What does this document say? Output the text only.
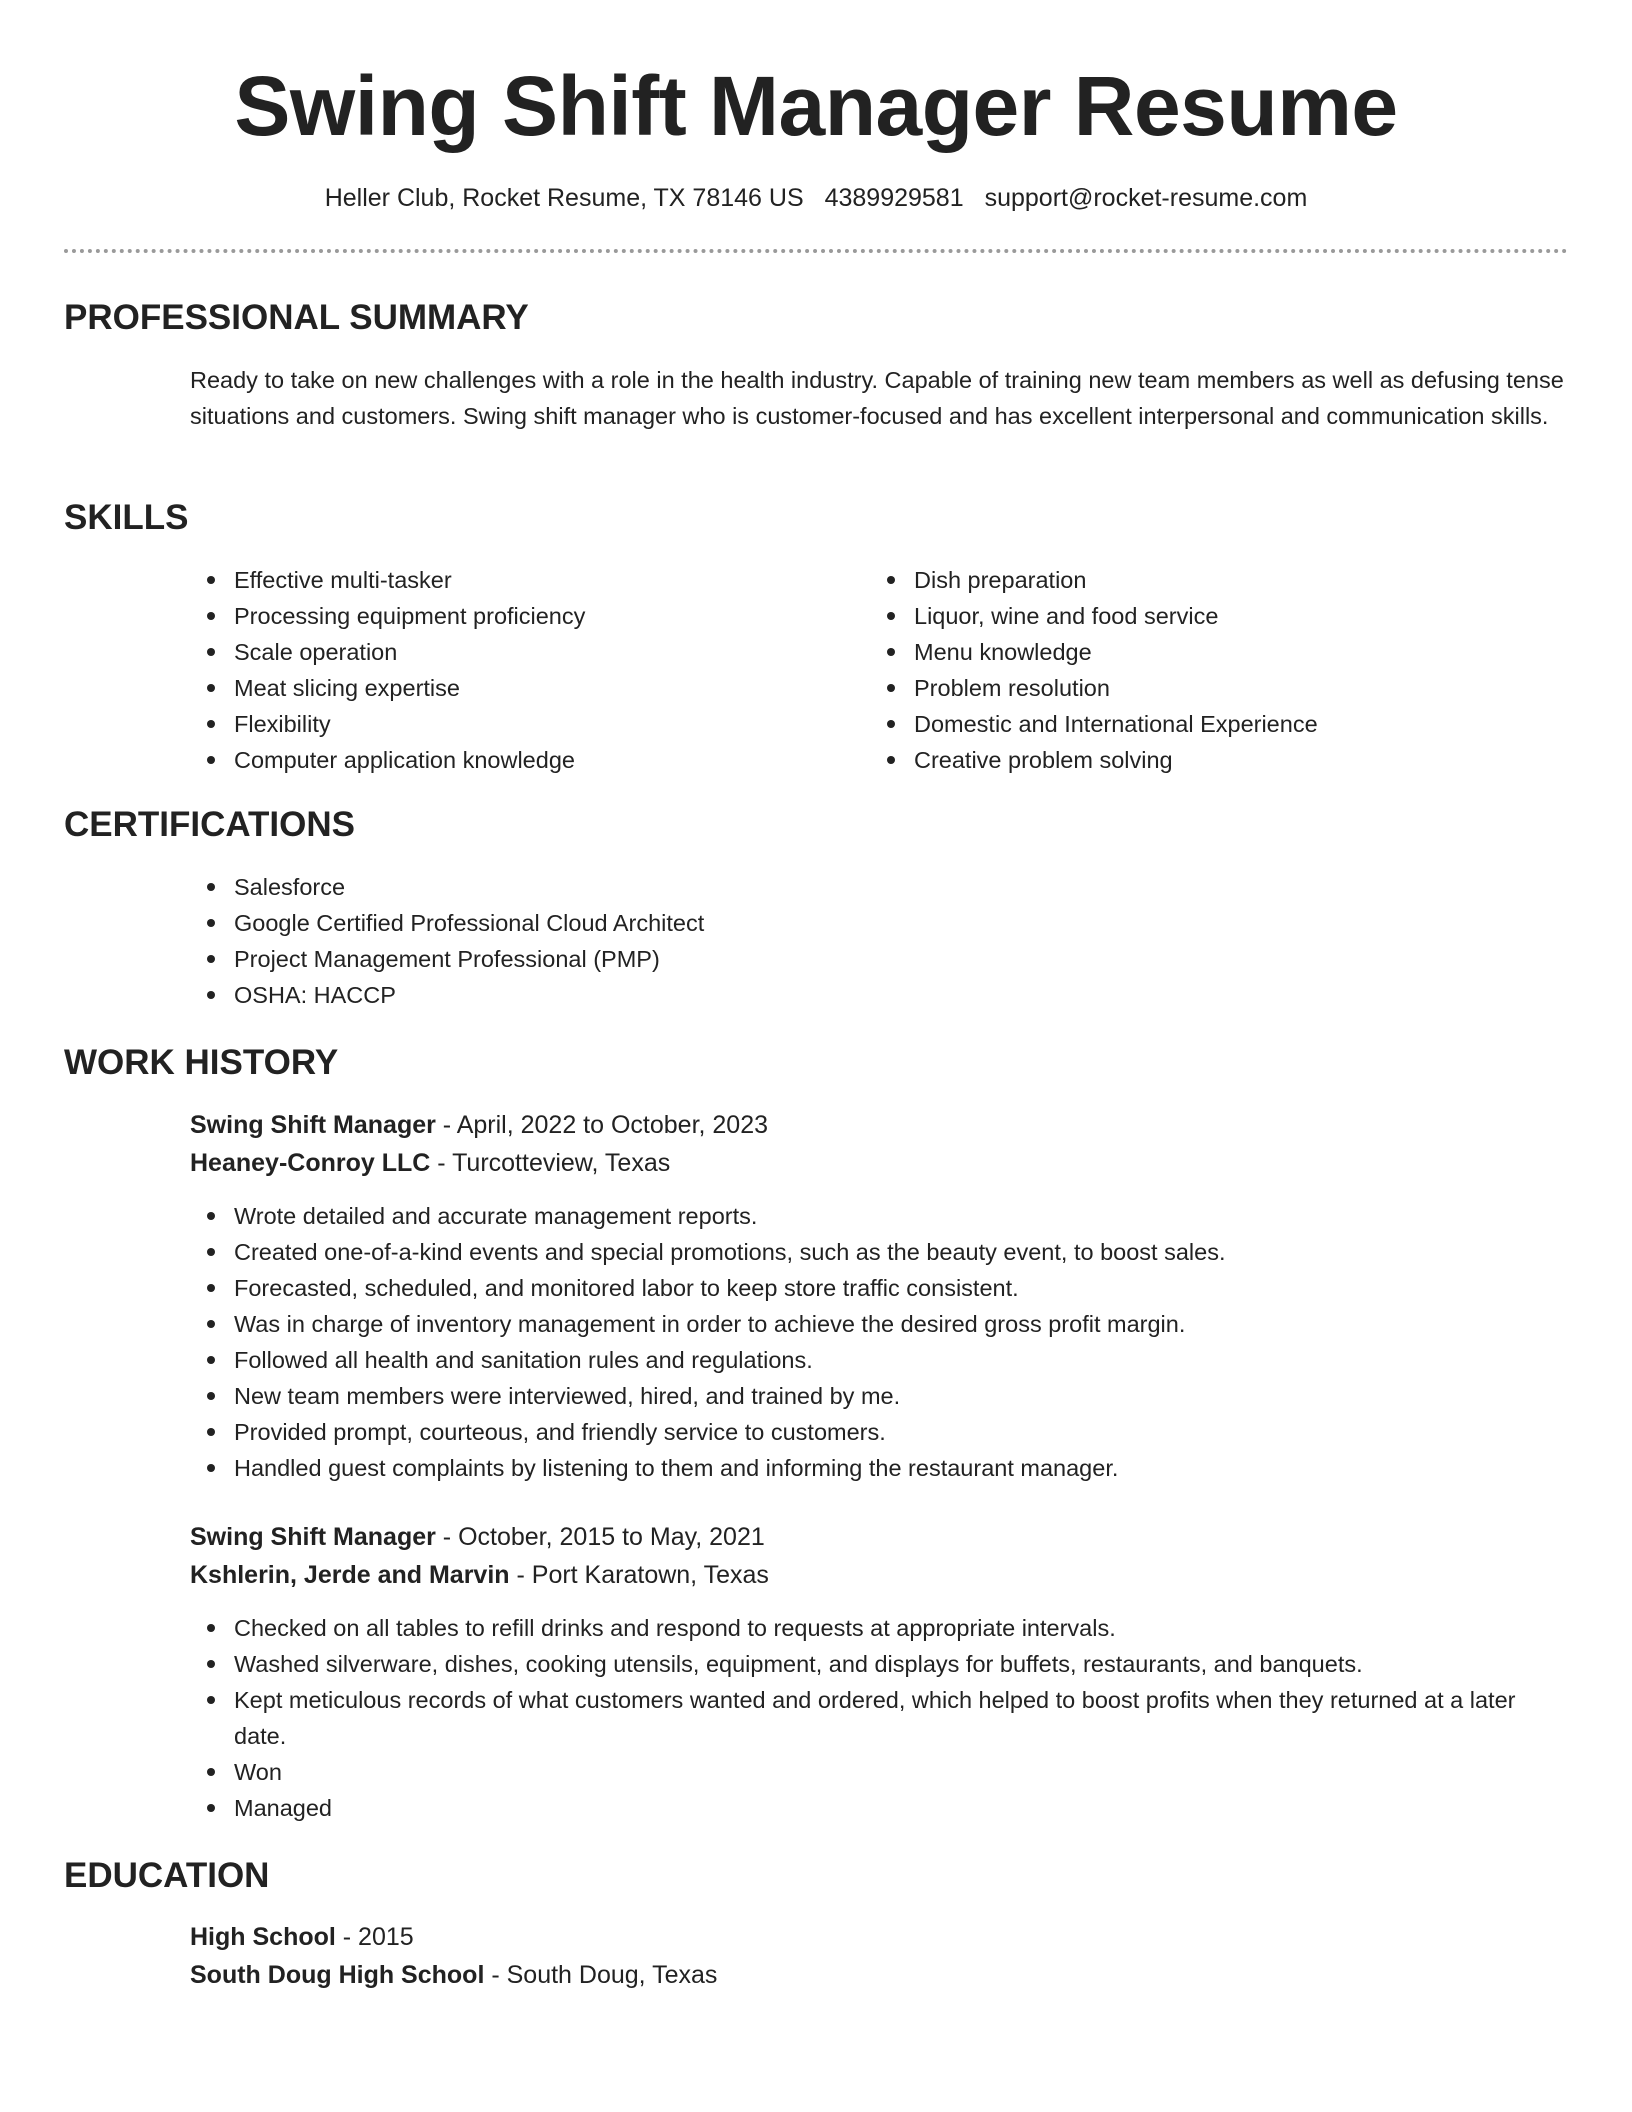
Swing Shift Manager Resume
Heller Club, Rocket Resume, TX 78146 US 4389929581 support@rocket-resume.com
PROFESSIONAL SUMMARY

Ready to take on new challenges with a role in the health industry. Capable of training new team members as well as defusing tense situations and customers. Swing shift manager who is customer-focused and has excellent interpersonal and communication skills.

SKILLS
Effective multi-tasker
Processing equipment proficiency
Scale operation
Meat slicing expertise
Flexibility
Computer application knowledge
Dish preparation
Liquor, wine and food service
Menu knowledge
Problem resolution
Domestic and International Experience
Creative problem solving
CERTIFICATIONS
Salesforce
Google Certified Professional Cloud Architect
Project Management Professional (PMP)
OSHA: HACCP
WORK HISTORY
Swing Shift Manager - April, 2022 to October, 2023
Heaney-Conroy LLC - Turcotteview, Texas
Wrote detailed and accurate management reports.
Created one-of-a-kind events and special promotions, such as the beauty event, to boost sales.
Forecasted, scheduled, and monitored labor to keep store traffic consistent.
Was in charge of inventory management in order to achieve the desired gross profit margin.
Followed all health and sanitation rules and regulations.
New team members were interviewed, hired, and trained by me.
Provided prompt, courteous, and friendly service to customers.
Handled guest complaints by listening to them and informing the restaurant manager.
Swing Shift Manager - October, 2015 to May, 2021
Kshlerin, Jerde and Marvin - Port Karatown, Texas
Checked on all tables to refill drinks and respond to requests at appropriate intervals.
Washed silverware, dishes, cooking utensils, equipment, and displays for buffets, restaurants, and banquets.
Kept meticulous records of what customers wanted and ordered, which helped to boost profits when they returned at a later date.
Won
Managed
EDUCATION
High School - 2015
South Doug High School - South Doug, Texas
